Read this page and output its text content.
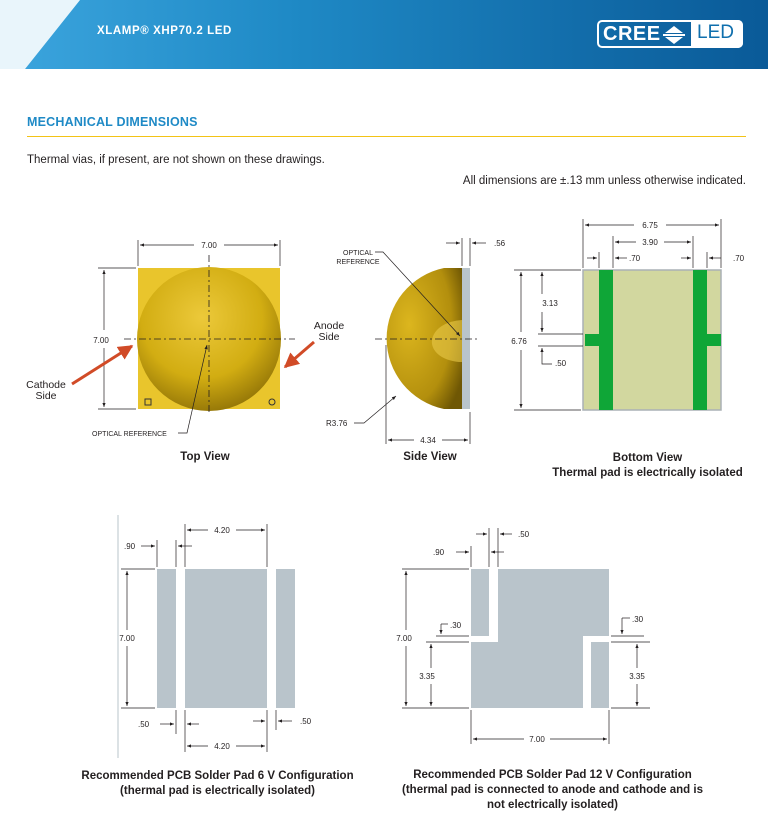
XLAMP® XHP70.2 LED	CREE LED
MECHANICAL DIMENSIONS
Thermal vias, if present, are not shown on these drawings.
All dimensions are ±.13 mm unless otherwise indicated.
7.00
7.00
Anode
Side
Cathode
Side
OPTICAL REFERENCE
.56
OPTICAL
REFERENCE
R3.76
4.34
6.75
3.90
.70	.70
6.76
3.13
.50
4.20
.90
7.00
.50	.50
4.20
.50
.90
7.00
.30
3.35
.30
3.35
7.00
Top View	Side View	Bottom View
Thermal pad is electrically isolated
Recommended PCB Solder Pad 6 V Configuration
(thermal pad is electrically isolated)
Recommended PCB Solder Pad 12 V Configuration
(thermal pad is connected to anode and cathode and is
not electrically isolated)
